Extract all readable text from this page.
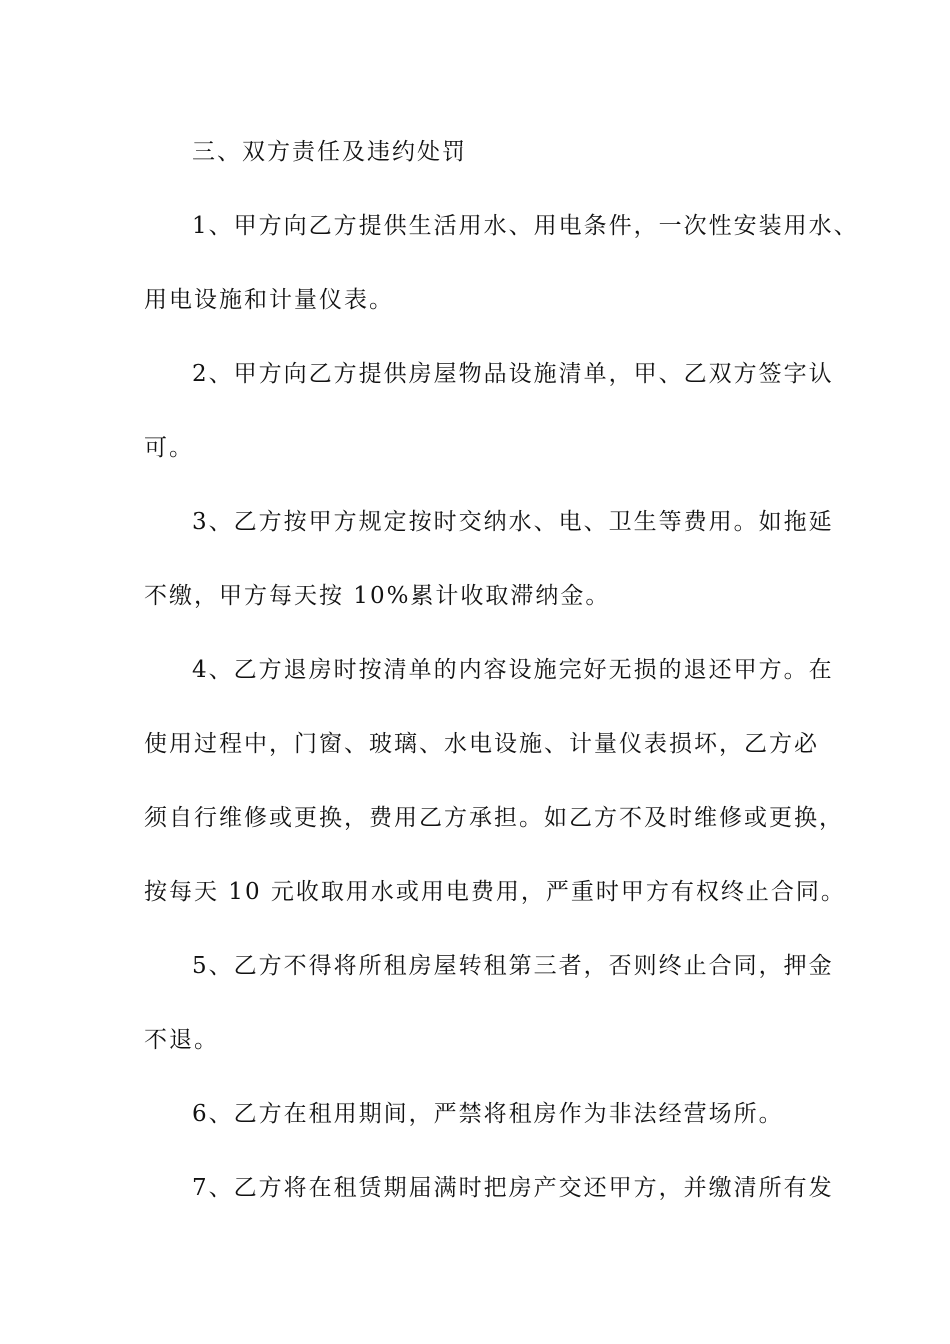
三、双方责任及违约处罚
1、甲方向乙方提供生活用水、用电条件，一次性安装用水、
用电设施和计量仪表。
2、甲方向乙方提供房屋物品设施清单，甲、乙双方签字认
可。
3、乙方按甲方规定按时交纳水、电、卫生等费用。如拖延
不缴，甲方每天按 10%累计收取滞纳金。
4、乙方退房时按清单的内容设施完好无损的退还甲方。在
使用过程中，门窗、玻璃、水电设施、计量仪表损坏，乙方必
须自行维修或更换，费用乙方承担。如乙方不及时维修或更换，
按每天 10 元收取用水或用电费用，严重时甲方有权终止合同。
5、乙方不得将所租房屋转租第三者，否则终止合同，押金
不退。
6、乙方在租用期间，严禁将租房作为非法经营场所。
7、乙方将在租赁期届满时把房产交还甲方，并缴清所有发
